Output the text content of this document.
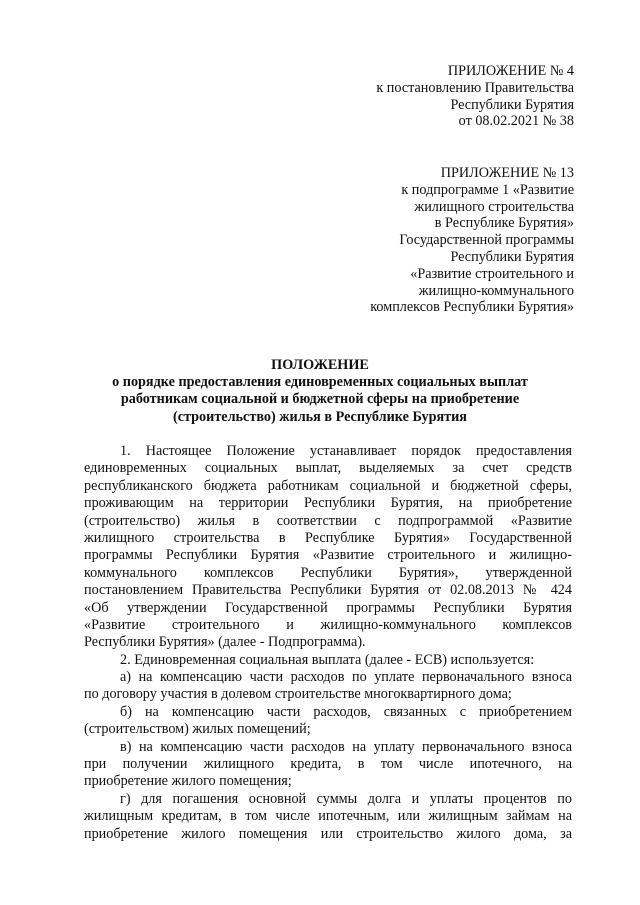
ПРИЛОЖЕНИЕ № 4
к постановлению Правительства
Республики Бурятия
от 08.02.2021 № 38
ПРИЛОЖЕНИЕ № 13
к подпрограмме 1 «Развитие
жилищного строительства
в Республике Бурятия»
Государственной программы
Республики Бурятия
«Развитие строительного и
жилищно-коммунального
комплексов Республики Бурятия»
ПОЛОЖЕНИЕ
о порядке предоставления единовременных социальных выплат
работникам социальной и бюджетной сферы на приобретение
(строительство) жилья в Республике Бурятия
1. Настоящее Положение устанавливает порядок предоставления
единовременных социальных выплат, выделяемых за счет средств
республиканского бюджета работникам социальной и бюджетной сферы,
проживающим на территории Республики Бурятия, на приобретение
(строительство) жилья в соответствии с подпрограммой «Развитие
жилищного строительства в Республике Бурятия» Государственной
программы Республики Бурятия «Развитие строительного и жилищно-
коммунального комплексов Республики Бурятия», утвержденной
постановлением Правительства Республики Бурятия от 02.08.2013 № 424
«Об утверждении Государственной программы Республики Бурятия
«Развитие строительного и жилищно-коммунального комплексов
Республики Бурятия» (далее - Подпрограмма).
2. Единовременная социальная выплата (далее - ЕСВ) используется:
а) на компенсацию части расходов по уплате первоначального взноса
по договору участия в долевом строительстве многоквартирного дома;
б) на компенсацию части расходов, связанных с приобретением
(строительством) жилых помещений;
в) на компенсацию части расходов на уплату первоначального взноса
при получении жилищного кредита, в том числе ипотечного, на
приобретение жилого помещения;
г) для погашения основной суммы долга и уплаты процентов по
жилищным кредитам, в том числе ипотечным, или жилищным займам на
приобретение жилого помещения или строительство жилого дома, за
